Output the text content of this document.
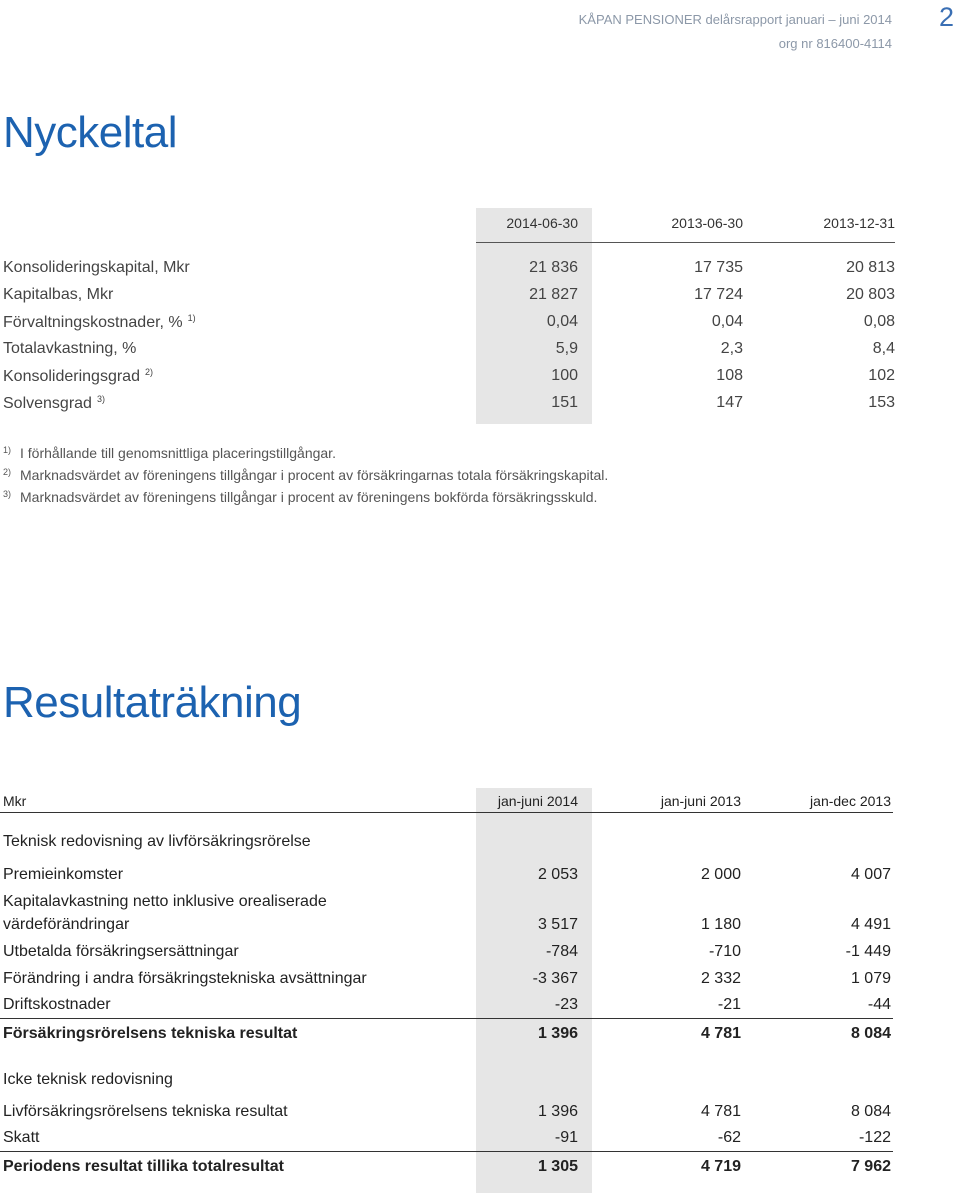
KÅPAN PENSIONER delårsrapport januari – juni 2014
org nr 816400-4114
2
Nyckeltal
2014-06-30	2013-06-30	2013-12-31
Konsolideringskapital, Mkr	21 836	17 735	20 813
Kapitalbas, Mkr	21 827	17 724	20 803
Förvaltningskostnader, % $^{1)}$	0,04	0,04	0,08
Totalavkastning, %	5,9	2,3	8,4
Konsolideringsgrad $^{2)}$	100	108	102
Solvensgrad $^{3)}$	151	147	153
1) I förhållande till genomsnittliga placeringstillgångar.
2) Marknadsvärdet av föreningens tillgångar i procent av försäkringarnas totala försäkringskapital.
3) Marknadsvärdet av föreningens tillgångar i procent av föreningens bokförda försäkringsskuld.
Resultaträkning
Mkr	jan-juni 2014	jan-juni 2013	jan-dec 2013
Teknisk redovisning av livförsäkringsrörelse
Premieinkomster	2 053	2 000	4 007
Kapitalavkastning netto inklusive orealiserade
värdeförändringar	3 517	1 180	4 491
Utbetalda försäkringsersättningar	-784	-710	-1 449
Förändring i andra försäkringstekniska avsättningar	-3 367	2 332	1 079
Driftskostnader	-23	-21	-44
Försäkringsrörelsens tekniska resultat	1 396	4 781	8 084
Icke teknisk redovisning
Livförsäkringsrörelsens tekniska resultat	1 396	4 781	8 084
Skatt	-91	-62	-122
Periodens resultat tillika totalresultat	1 305	4 719	7 962
